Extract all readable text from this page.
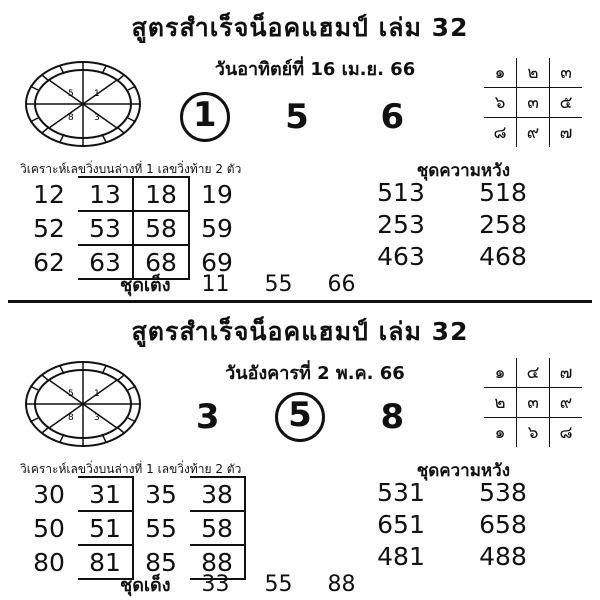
สูตรสำเร็จน็อคแฮมป์ เล่ม 32
วันอาทิตย์ที่ 16 เม.ย. 66
5 1
8 3	1	5	6
๑	๒	๓
๖	๓	๕
๘	๙	๗
วิเคราะห์เลขวิ่งบนล่างที่ 1 เลขวิ่งท้าย 2 ตัว	ชุดความหวัง
12	13	18	19
52	53	58	59
62	63	68	69
513	518
253	258
463	468
ชุดเต็ง 11 55 66
สูตรสำเร็จน็อคแฮมป์ เล่ม 32
วันอังคารที่ 2 พ.ค. 66
5 1
8 3	3	5	8
๑	๔	๗
๒	๓	๙
๑	๖	๘
วิเคราะห์เลขวิ่งบนล่างที่ 1 เลขวิ่งท้าย 2 ตัว	ชุดความหวัง
30	31	35	38
50	51	55	58
80	81	85	88
531	538
651	658
481	488
ชุดเด็ง 33 55 88
